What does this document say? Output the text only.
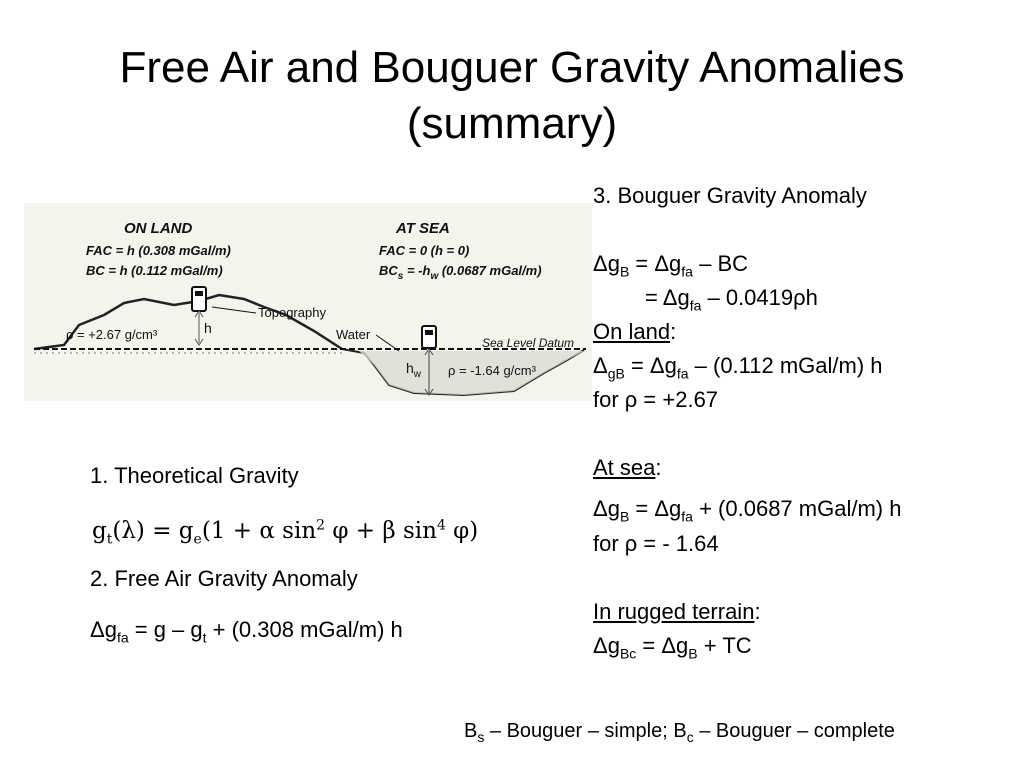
Free Air and Bouguer Gravity Anomalies
(summary)
ON LAND
FAC = h (0.308 mGal/m)
BC = h (0.112 mGal/m)
AT SEA
FAC = 0 (h = 0)
$BC_s = -h_w$ (0.0687 mGal/m)
Topography
Water
Sea Level Datum
ρ = +2.67 g/cm³	h
$h_w$ ρ = -1.64 g/cm³
1. Theoretical Gravity
$g_t(\lambda) = g_e(1 + \alpha$ $\sin^2 \varphi + \beta$ $\sin^4 \varphi$)
2. Free Air Gravity Anomaly
$\Delta g_{fa} = g - g_t + (0.308$ mGal/m) h
3. Bouguer Gravity Anomaly
$\Delta g_B = \Delta g_{fa}$ – BC
= $\Delta g_{fa} - 0.0419\rho h$
On land:
$\Delta_{gB} = \Delta g_{fa} - (0.112$ mGal/m) h
for ρ = +2.67
At sea:
$\Delta g_B = \Delta g_{fa} + (0.0687$ mGal/m) h
for ρ = - 1.64
In rugged terrain:
$\Delta g_{Bc} = \Delta g_B$ + TC
$B_s$ – Bouguer – simple; $B_c$ – Bouguer – complete
